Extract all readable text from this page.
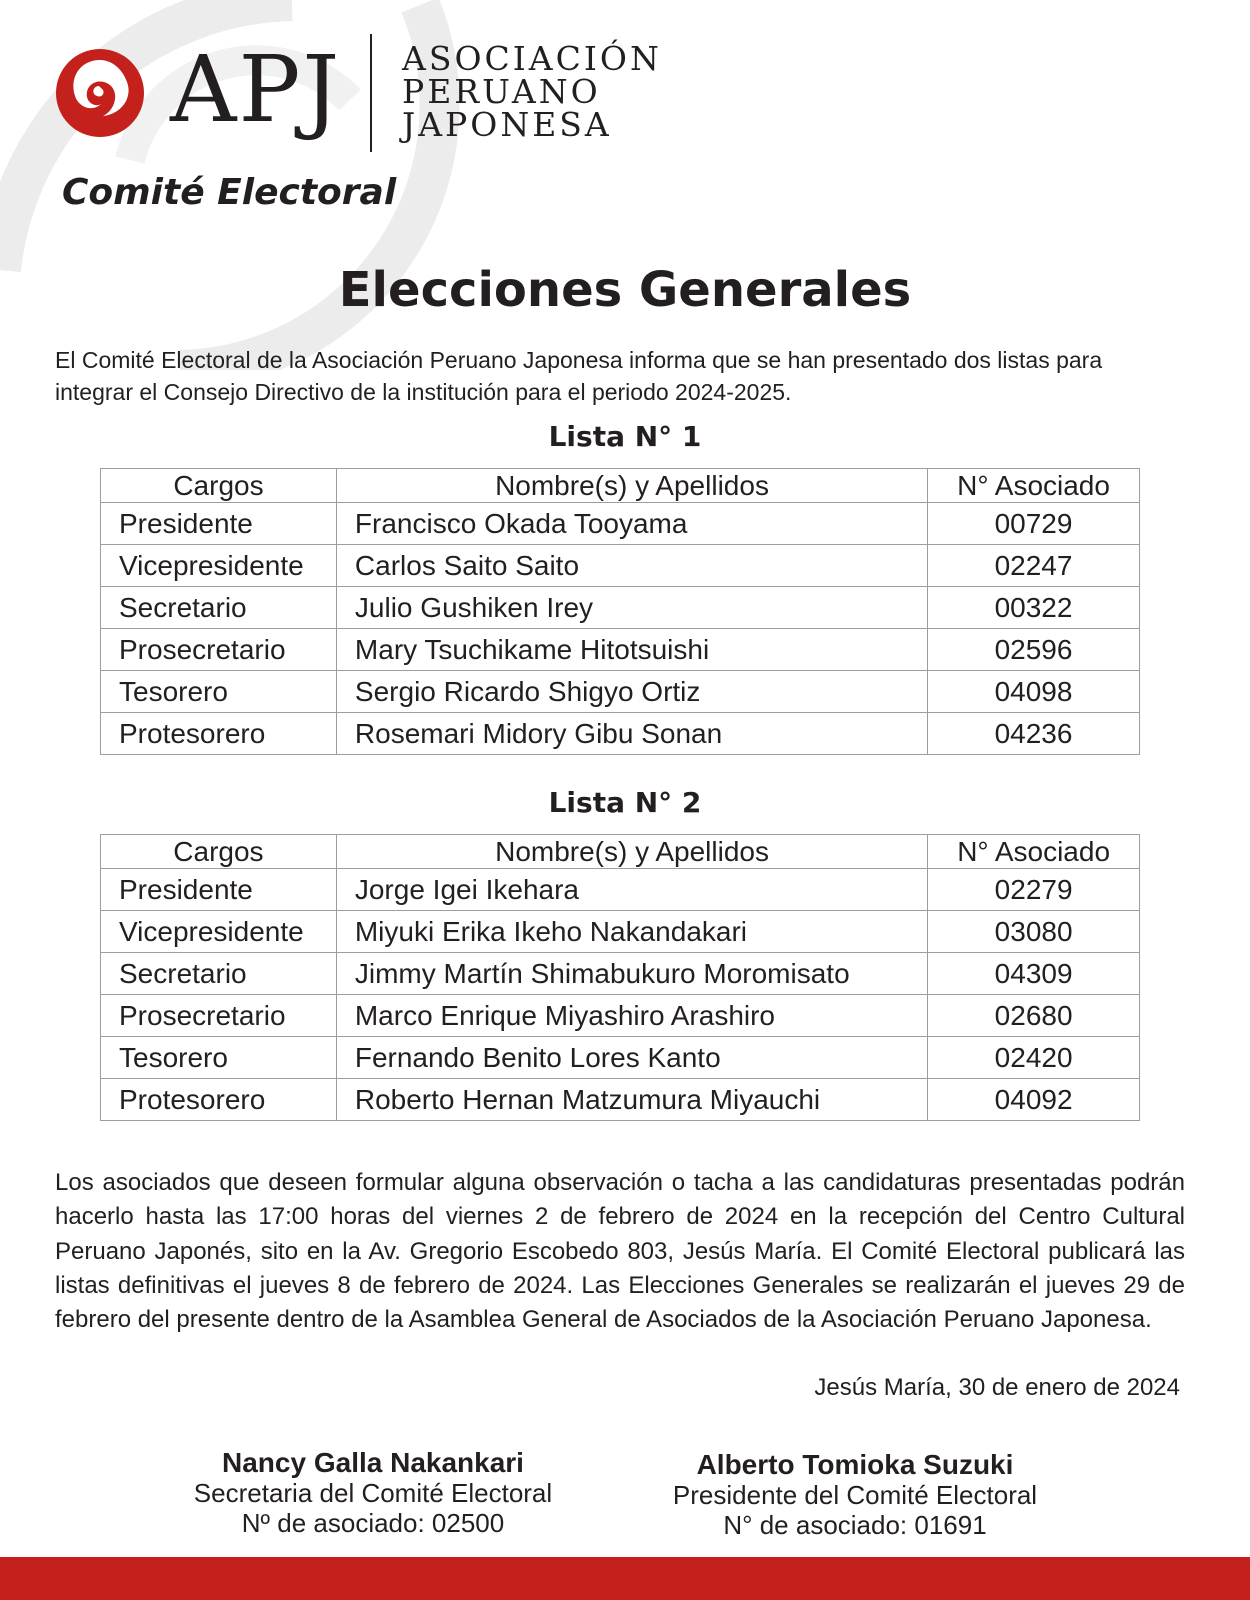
APJ ASOCIACIÓN
PERUANO
JAPONESA
Comité Electoral
Elecciones Generales

El Comité Electoral de la Asociación Peruano Japonesa informa que se han presentado dos listas para integrar el Consejo Directivo de la institución para el periodo 2024-2025.

Lista N° 1
Cargos	Nombre(s) y Apellidos	N° Asociado
Presidente	Francisco Okada Tooyama	00729
Vicepresidente	Carlos Saito Saito	02247
Secretario	Julio Gushiken Irey	00322
Prosecretario	Mary Tsuchikame Hitotsuishi	02596
Tesorero	Sergio Ricardo Shigyo Ortiz	04098
Protesorero	Rosemari Midory Gibu Sonan	04236
Lista N° 2
Cargos	Nombre(s) y Apellidos	N° Asociado
Presidente	Jorge Igei Ikehara	02279
Vicepresidente	Miyuki Erika Ikeho Nakandakari	03080
Secretario	Jimmy Martín Shimabukuro Moromisato	04309
Prosecretario	Marco Enrique Miyashiro Arashiro	02680
Tesorero	Fernando Benito Lores Kanto	02420
Protesorero	Roberto Hernan Matzumura Miyauchi	04092

Los asociados que deseen formular alguna observación o tacha a las candidaturas presentadas podrán hacerlo hasta las 17:00 horas del viernes 2 de febrero de 2024 en la recepción del Centro Cultural Peruano Japonés, sito en la Av. Gregorio Escobedo 803, Jesús María. El Comité Electoral publicará las listas definitivas el jueves 8 de febrero de 2024. Las Elecciones Generales se realizarán el jueves 29 de febrero del presente dentro de la Asamblea General de Asociados de la Asociación Peruano Japonesa.

Jesús María, 30 de enero de 2024
Nancy Galla Nakankari
Secretaria del Comité Electoral
Nº de asociado: 02500
Alberto Tomioka Suzuki
Presidente del Comité Electoral
N° de asociado: 01691
